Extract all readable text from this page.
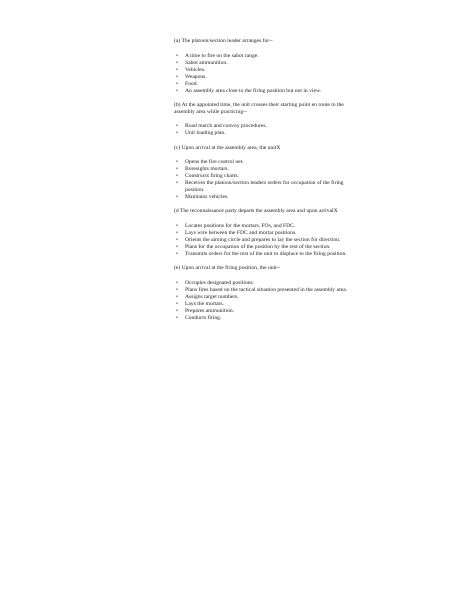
(a) The platoon/section leader arranges for--
• A time to fire on the sabot range.
• Sabot ammunition.
• Vehicles.
• Weapons.
• Food.
• An assembly area close to the firing position but not in view.
(b) At the appointed time, the unit crosses their starting point en route to the assembly area while practicing--
• Road march and convoy procedures.
• Unit loading plan.
(c) Upon arrival at the assembly area, the unitX
• Opens the fire control net.
• Boresights mortars.
• Constructs firing charts.
• Receives the platoon/section leaders orders for occupation of the firing position.
• Maintains vehicles.
(d The reconnaissance party departs the assembly area and upon arrivalX
• Locates positions for the mortars, FOs, and FDC.
• Lays wire between the FDC and mortar positions.
• Orients the aiming circle and prepares to lay the section for direction.
• Plans for the occupation of the position by the rest of the section.
• Transmits orders for the rest of the unit to displace to the firing position.
(e) Upon arrival at the firing position, the unit--
• Occupies designated positions.
• Plans fires based on the tactical situation presented in the assembly area.
• Assigns target numbers.
• Lays the mortars.
• Prepares ammunition.
• Conducts firing.
